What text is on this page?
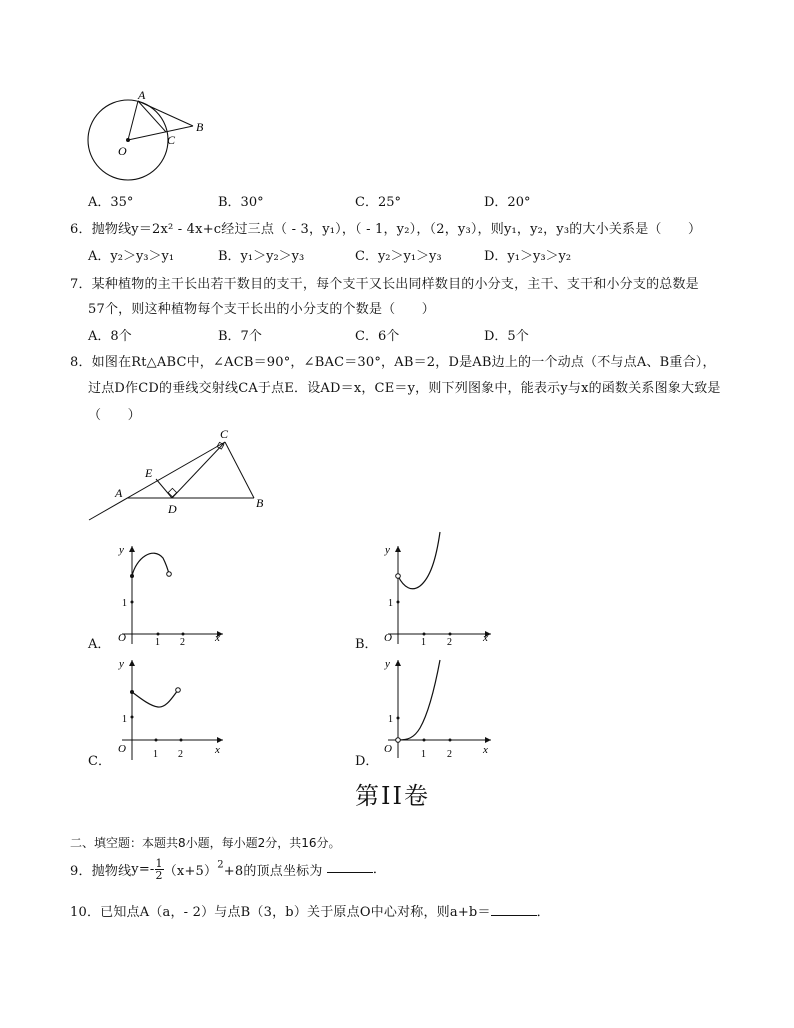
A
B
C
O
A．35°	B．30°	C．25°	D．20°
6．抛物线y＝2x² - 4x+c经过三点（ - 3，y₁），（ - 1，y₂），（2，y₃），则y₁，y₂，y₃的大小关系是（　　）
A．y₂＞y₃＞y₁	B．y₁＞y₂＞y₃	C．y₂＞y₁＞y₃	D．y₁＞y₃＞y₂
7．某种植物的主干长出若干数目的支干，每个支干又长出同样数目的小分支，主干、支干和小分支的总数是
57个，则这种植物每个支干长出的小分支的个数是（　　）
A．8个	B．7个	C．6个	D．5个
8．如图在Rt△ABC中，∠ACB＝90°，∠BAC＝30°，AB＝2，D是AB边上的一个动点（不与点A、B重合），
过点D作CD的垂线交射线CA于点E．设AD＝x，CE＝y，则下列图象中，能表示y与x的函数关系图象大致是
（　　）
C
E
A
D	B
A．
y
x
O	1 2
1
B．
y
x
O	1 2
1
C．
y
x
O	1 2
1
D．
y
x
O	1 2
1
第II卷
二、填空题：本题共8小题，每小题2分，共16分。
9．抛物线$y=- \frac{1}{2} (x+5)^2+8$的顶点坐标为	．
10．已知点A（a，- 2）与点B（3，b）关于原点O中心对称，则a+b＝	．
